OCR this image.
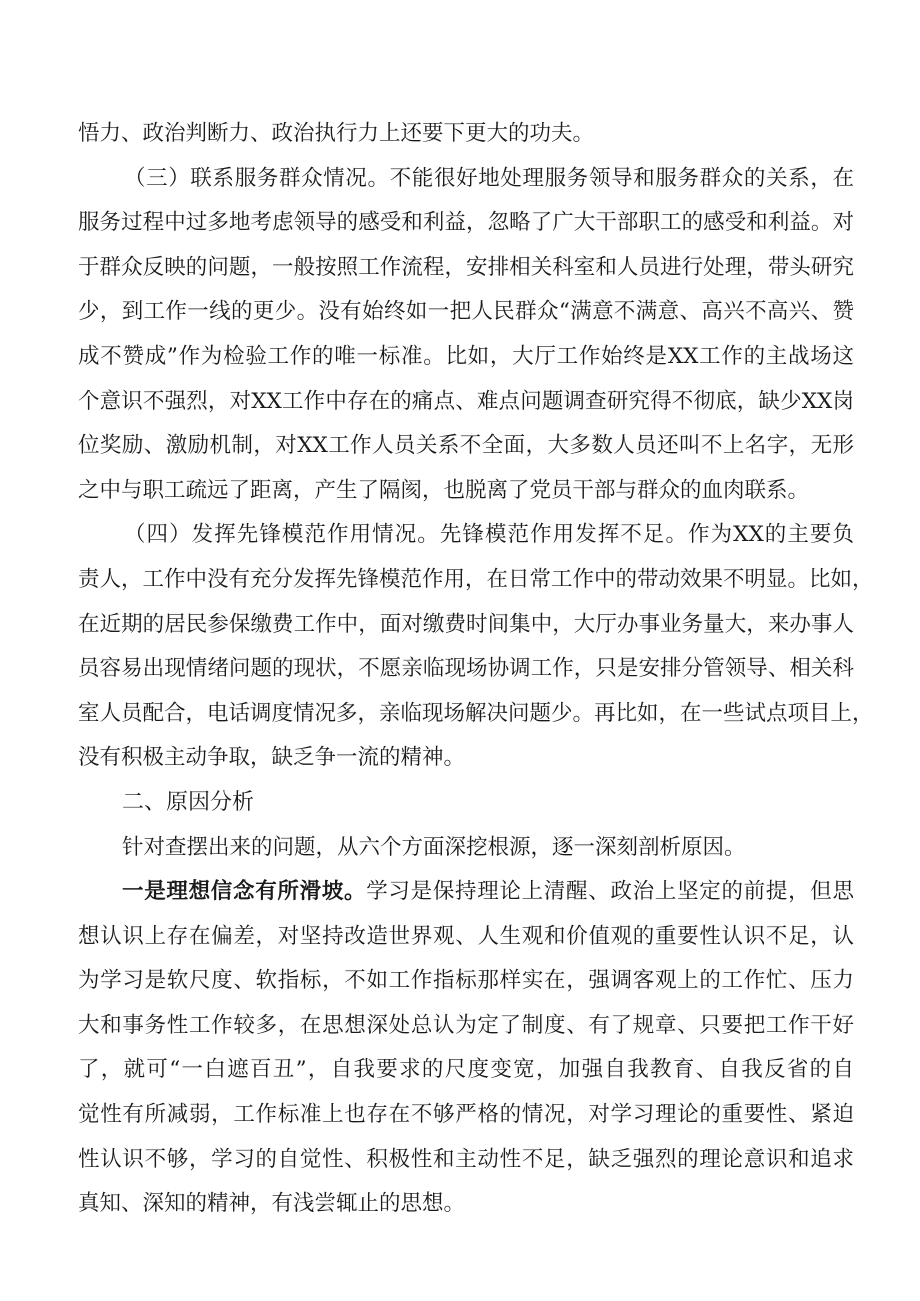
悟力、政治判断力、政治执行力上还要下更大的功夫。
（三）联系服务群众情况。不能很好地处理服务领导和服务群众的关系，在
服务过程中过多地考虑领导的感受和利益，忽略了广大干部职工的感受和利益。对
于群众反映的问题，一般按照工作流程，安排相关科室和人员进行处理，带头研究
少，到工作一线的更少。没有始终如一把人民群众“满意不满意、高兴不高兴、赞
成不赞成”作为检验工作的唯一标准。比如，大厅工作始终是XX工作的主战场这
个意识不强烈，对XX工作中存在的痛点、难点问题调查研究得不彻底，缺少XX岗
位奖励、激励机制，对XX工作人员关系不全面，大多数人员还叫不上名字，无形
之中与职工疏远了距离，产生了隔阂，也脱离了党员干部与群众的血肉联系。
（四）发挥先锋模范作用情况。先锋模范作用发挥不足。作为XX的主要负
责人，工作中没有充分发挥先锋模范作用，在日常工作中的带动效果不明显。比如，
在近期的居民参保缴费工作中，面对缴费时间集中，大厅办事业务量大，来办事人
员容易出现情绪问题的现状，不愿亲临现场协调工作，只是安排分管领导、相关科
室人员配合，电话调度情况多，亲临现场解决问题少。再比如，在一些试点项目上，
没有积极主动争取，缺乏争一流的精神。
二、原因分析
针对查摆出来的问题，从六个方面深挖根源，逐一深刻剖析原因。
一是理想信念有所滑坡。学习是保持理论上清醒、政治上坚定的前提，但思
想认识上存在偏差，对坚持改造世界观、人生观和价值观的重要性认识不足，认
为学习是软尺度、软指标，不如工作指标那样实在，强调客观上的工作忙、压力
大和事务性工作较多，在思想深处总认为定了制度、有了规章、只要把工作干好
了，就可“一白遮百丑”，自我要求的尺度变宽，加强自我教育、自我反省的自
觉性有所减弱，工作标准上也存在不够严格的情况，对学习理论的重要性、紧迫
性认识不够，学习的自觉性、积极性和主动性不足，缺乏强烈的理论意识和追求
真知、深知的精神，有浅尝辄止的思想。
